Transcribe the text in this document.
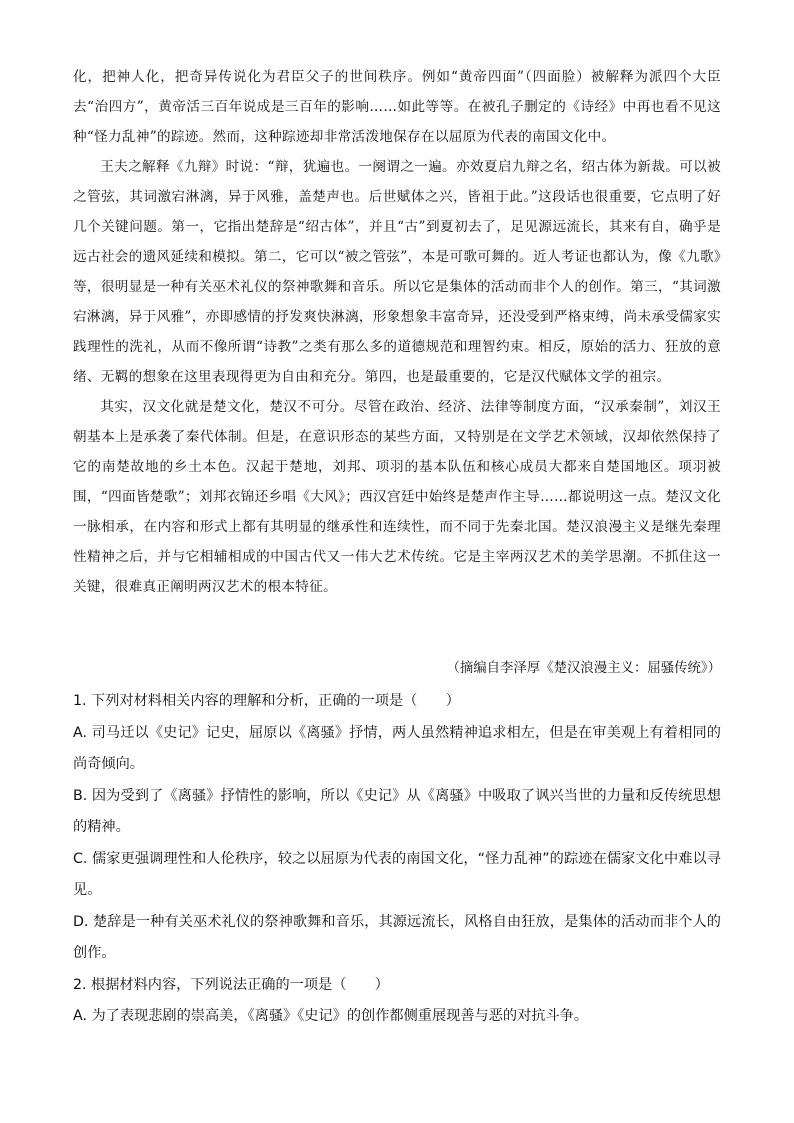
化，把神人化，把奇异传说化为君臣父子的世间秩序。例如“黄帝四面”（四面脸）被解释为派四个大臣去“治四方”，黄帝活三百年说成是三百年的影响……如此等等。在被孔子删定的《诗经》中再也看不见这种“怪力乱神”的踪迹。然而，这种踪迹却非常活泼地保存在以屈原为代表的南国文化中。

王夫之解释《九辩》时说：“辩，犹遍也。一阕谓之一遍。亦效夏启九辩之名，绍古体为新裁。可以被之管弦，其词激宕淋漓，异于风雅，盖楚声也。后世赋体之兴，皆祖于此。”这段话也很重要，它点明了好几个关键问题。第一，它指出楚辞是“绍古体”，并且“古”到夏初去了，足见源远流长，其来有自，确乎是远古社会的遗风延续和模拟。第二，它可以“被之管弦”，本是可歌可舞的。近人考证也都认为，像《九歌》等，很明显是一种有关巫术礼仪的祭神歌舞和音乐。所以它是集体的活动而非个人的创作。第三，“其词激宕淋漓，异于风雅”，亦即感情的抒发爽快淋漓，形象想象丰富奇异，还没受到严格束缚，尚未承受儒家实践理性的洗礼，从而不像所谓“诗教”之类有那么多的道德规范和理智约束。相反，原始的活力、狂放的意绪、无羁的想象在这里表现得更为自由和充分。第四，也是最重要的，它是汉代赋体文学的祖宗。

其实，汉文化就是楚文化，楚汉不可分。尽管在政治、经济、法律等制度方面，“汉承秦制”，刘汉王朝基本上是承袭了秦代体制。但是，在意识形态的某些方面，又特别是在文学艺术领域，汉却依然保持了它的南楚故地的乡土本色。汉起于楚地，刘邦、项羽的基本队伍和核心成员大都来自楚国地区。项羽被围，“四面皆楚歌”；刘邦衣锦还乡唱《大风》；西汉宫廷中始终是楚声作主导……都说明这一点。楚汉文化一脉相承，在内容和形式上都有其明显的继承性和连续性，而不同于先秦北国。楚汉浪漫主义是继先秦理性精神之后，并与它相辅相成的中国古代又一伟大艺术传统。它是主宰两汉艺术的美学思潮。不抓住这一关键，很难真正阐明两汉艺术的根本特征。

（摘编自李泽厚《楚汉浪漫主义：屈骚传统》）

1. 下列对材料相关内容的理解和分析，正确的一项是（　　）

A. 司马迁以《史记》记史，屈原以《离骚》抒情，两人虽然精神追求相左，但是在审美观上有着相同的尚奇倾向。

B. 因为受到了《离骚》抒情性的影响，所以《史记》从《离骚》中吸取了讽兴当世的力量和反传统思想的精神。

C. 儒家更强调理性和人伦秩序，较之以屈原为代表的南国文化，“怪力乱神”的踪迹在儒家文化中难以寻见。

D. 楚辞是一种有关巫术礼仪的祭神歌舞和音乐，其源远流长，风格自由狂放，是集体的活动而非个人的创作。

2. 根据材料内容，下列说法正确的一项是（　　）

A. 为了表现悲剧的崇高美，《离骚》《史记》的创作都侧重展现善与恶的对抗斗争。
